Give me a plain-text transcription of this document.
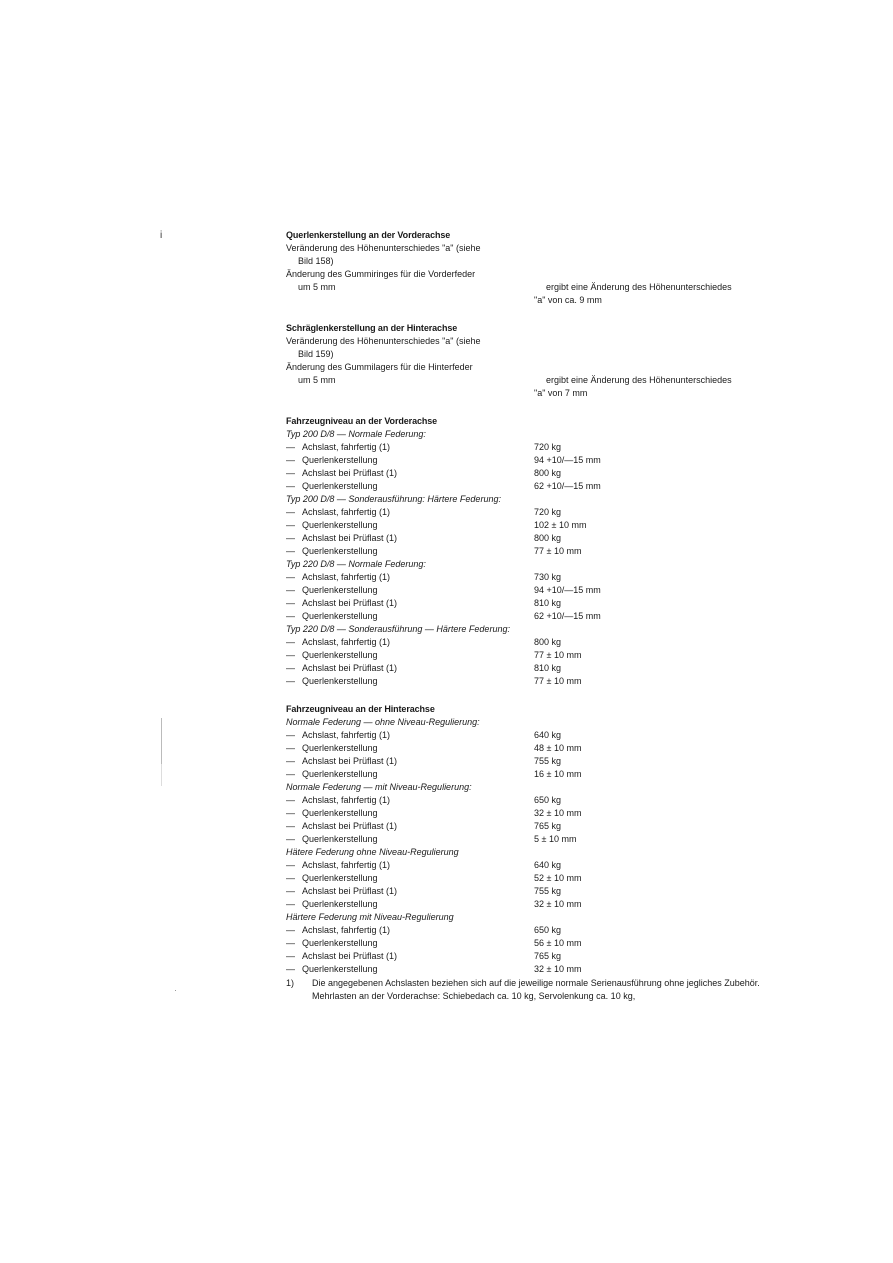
i	Querlenkerstellung an der Vorderachse
Veränderung des Höhenunterschiedes "a" (siehe
Bild 158)
Änderung des Gummiringes für die Vorderfeder
um 5 mm	ergibt eine Änderung des Höhenunterschiedes
"a" von ca. 9 mm
Schräglenkerstellung an der Hinterachse
Veränderung des Höhenunterschiedes "a" (siehe
Bild 159)
Änderung des Gummilagers für die Hinterfeder
um 5 mm	ergibt eine Änderung des Höhenunterschiedes
"a" von 7 mm
Fahrzeugniveau an der Vorderachse
Typ 200 D/8 — Normale Federung:
— Achslast, fahrfertig (1)	720 kg
— Querlenkerstellung	94 +10/—15 mm
— Achslast bei Prüflast (1)	800 kg
— Querlenkerstellung	62 +10/—15 mm
Typ 200 D/8 — Sonderausführung: Härtere Federung:
— Achslast, fahrfertig (1)	720 kg
— Querlenkerstellung	102 ± 10 mm
— Achslast bei Prüflast (1)	800 kg
— Querlenkerstellung	77 ± 10 mm
Typ 220 D/8 — Normale Federung:
— Achslast, fahrfertig (1)	730 kg
— Querlenkerstellung	94 +10/—15 mm
— Achslast bei Prüflast (1)	810 kg
— Querlenkerstellung	62 +10/—15 mm
Typ 220 D/8 — Sonderausführung — Härtere Federung:
— Achslast, fahrfertig (1)	800 kg
— Querlenkerstellung	77 ± 10 mm
— Achslast bei Prüflast (1)	810 kg
— Querlenkerstellung	77 ± 10 mm
Fahrzeugniveau an der Hinterachse
Normale Federung — ohne Niveau-Regulierung:
— Achslast, fahrfertig (1)	640 kg
— Querlenkerstellung	48 ± 10 mm
— Achslast bei Prüflast (1)	755 kg
— Querlenkerstellung	16 ± 10 mm
Normale Federung — mit Niveau-Regulierung:
— Achslast, fahrfertig (1)	650 kg
— Querlenkerstellung	32 ± 10 mm
— Achslast bei Prüflast (1)	765 kg
— Querlenkerstellung	5 ± 10 mm
Hätere Federung ohne Niveau-Regulierung
— Achslast, fahrfertig (1)	640 kg
— Querlenkerstellung	52 ± 10 mm
— Achslast bei Prüflast (1)	755 kg
— Querlenkerstellung	32 ± 10 mm
Härtere Federung mit Niveau-Regulierung
— Achslast, fahrfertig (1)	650 kg
— Querlenkerstellung	56 ± 10 mm
— Achslast bei Prüflast (1)	765 kg
— Querlenkerstellung	32 ± 10 mm
1)	Die angegebenen Achslasten beziehen sich auf die jeweilige normale Serienausführung ohne jegliches Zubehör. Mehrlasten an der Vorderachse: Schiebedach ca. 10 kg, Servolenkung ca. 10 kg,
